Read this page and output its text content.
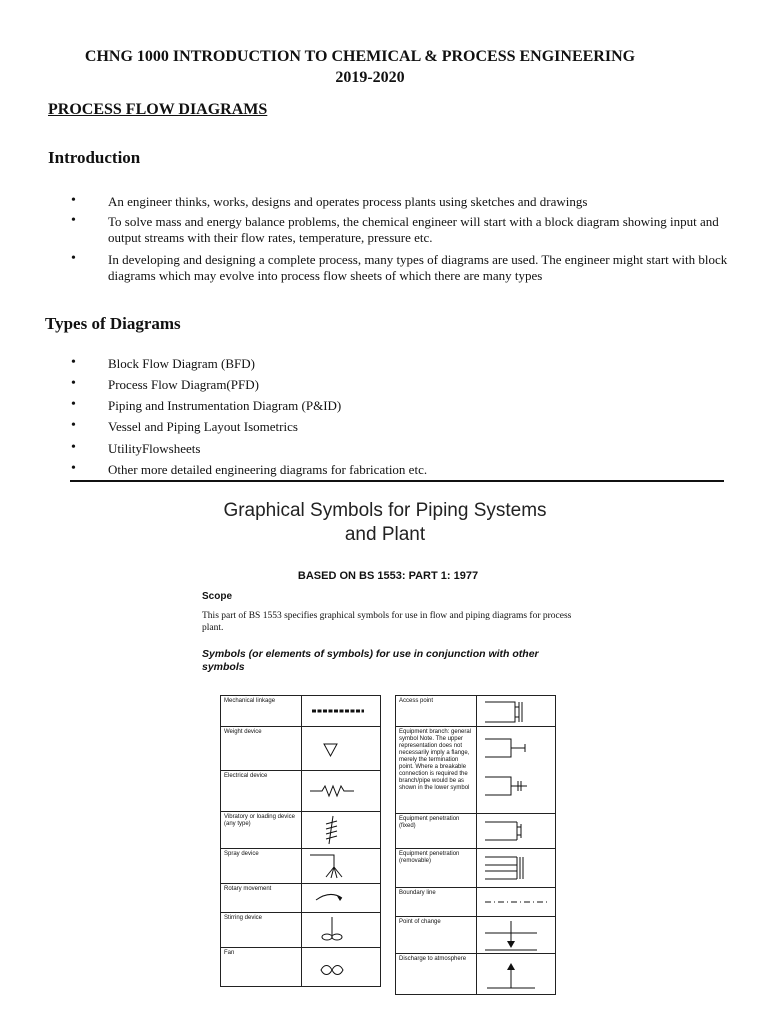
CHNG 1000 INTRODUCTION TO CHEMICAL & PROCESS ENGINEERING
2019-2020
PROCESS FLOW DIAGRAMS
Introduction
• An engineer thinks, works, designs and operates process plants using sketches and drawings
• To solve mass and energy balance problems, the chemical engineer will start with a block diagram showing input and output streams with their flow rates, temperature, pressure etc.
• In developing and designing a complete process, many types of diagrams are used. The engineer might start with block diagrams which may evolve into process flow sheets of which there are many types
Types of Diagrams
• Block Flow Diagram (BFD)
• Process Flow Diagram(PFD)
• Piping and Instrumentation Diagram (P&ID)
• Vessel and Piping Layout Isometrics
• UtilityFlowsheets
• Other more detailed engineering diagrams for fabrication etc.
Graphical Symbols for Piping Systems
and Plant
BASED ON BS 1553: PART 1: 1977
Scope
This part of BS 1553 specifies graphical symbols for use in flow and piping diagrams for process plant.
Symbols (or elements of symbols) for use in conjunction with other symbols
Mechanical linkage	

Weight device	

Electrical device	

Vibratory or loading device (any type)	

Spray device	

Rotary movement	

Stirring device	

Fan	
Access point	

Equipment branch: general symbol Note. The upper representation does not necessarily imply a flange, merely the termination point. Where a breakable connection is required the branch/pipe would be as shown in the lower symbol	

Equipment penetration (fixed)	

Equipment penetration (removable)	

Boundary line	

Point of change	

Discharge to atmosphere	
